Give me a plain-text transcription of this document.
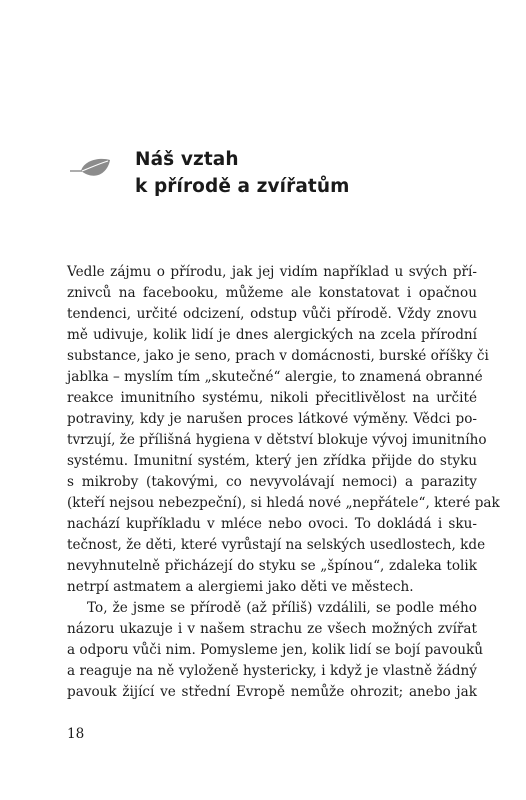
Náš vztah
k přírodě a zvířatům
Vedle zájmu o přírodu, jak jej vidím například u svých pří-
znivců na facebooku, můžeme ale konstatovat i opačnou
tendenci, určité odcizení, odstup vůči přírodě. Vždy znovu
mě udivuje, kolik lidí je dnes alergických na zcela přírodní
substance, jako je seno, prach v domácnosti, burské oříšky či
jablka – myslím tím „skutečné“ alergie, to znamená obranné
reakce imunitního systému, nikoli přecitlivělost na určité
potraviny, kdy je narušen proces látkové výměny. Vědci po-
tvrzují, že přílišná hygiena v dětství blokuje vývoj imunitního
systému. Imunitní systém, který jen zřídka přijde do styku
s mikroby (takovými, co nevyvolávají nemoci) a parazity
(kteří nejsou nebezpeční), si hledá nové „nepřátele“, které pak
nachází kupříkladu v mléce nebo ovoci. To dokládá i sku-
tečnost, že děti, které vyrůstají na selských usedlostech, kde
nevyhnutelně přicházejí do styku se „špínou“, zdaleka tolik
netrpí astmatem a alergiemi jako děti ve městech.
To, že jsme se přírodě (až příliš) vzdálili, se podle mého
názoru ukazuje i v našem strachu ze všech možných zvířat
a odporu vůči nim. Pomysleme jen, kolik lidí se bojí pavouků
a reaguje na ně vyloženě hystericky, i když je vlastně žádný
pavouk žijící ve střední Evropě nemůže ohrozit; anebo jak
18
